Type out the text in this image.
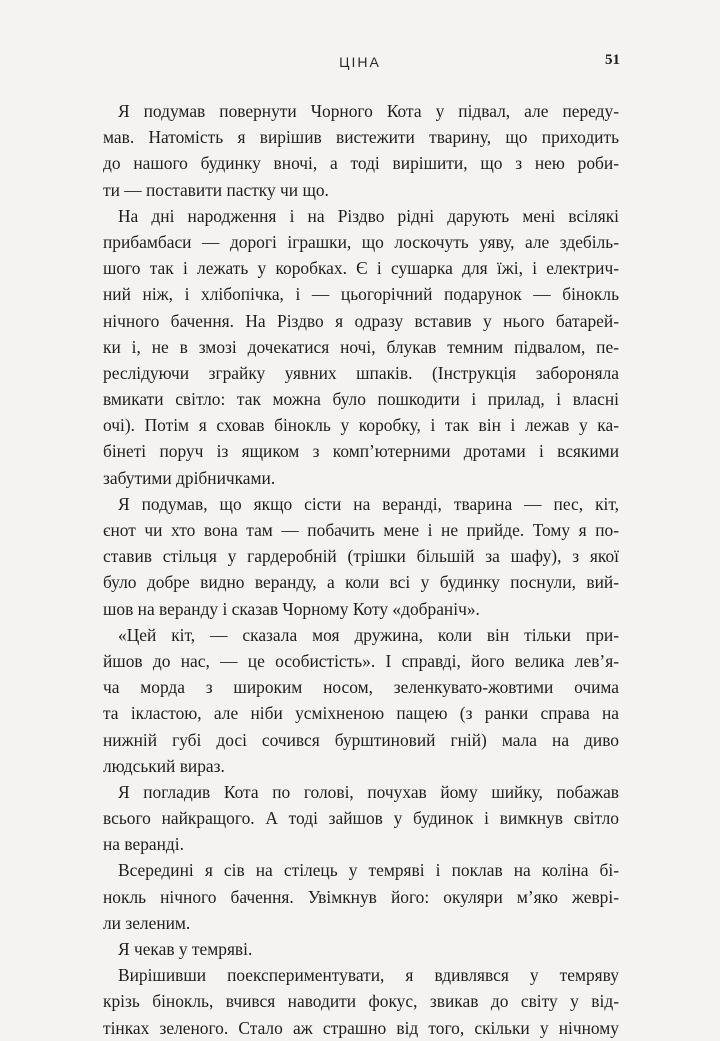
ЦІНА	51
Я подумав повернути Чорного Кота у підвал, але переду-
мав. Натомість я вирішив вистежити тварину, що приходить
до нашого будинку вночі, а тоді вирішити, що з нею роби-
ти — поставити пастку чи що.
На дні народження і на Різдво рідні дарують мені всілякі
прибамбаси — дорогі іграшки, що лоскочуть уяву, але здебіль-
шого так і лежать у коробках. Є і сушарка для їжі, і електрич-
ний ніж, і хлібопічка, і — цьогорічний подарунок — бінокль
нічного бачення. На Різдво я одразу вставив у нього батарей-
ки і, не в змозі дочекатися ночі, блукав темним підвалом, пе-
реслідуючи зграйку уявних шпаків. (Інструкція забороняла
вмикати світло: так можна було пошкодити і прилад, і власні
очі). Потім я сховав бінокль у коробку, і так він і лежав у ка-
бінеті поруч із ящиком з комп’ютерними дротами і всякими
забутими дрібничками.
Я подумав, що якщо сісти на веранді, тварина — пес, кіт,
єнот чи хто вона там — побачить мене і не прийде. Тому я по-
ставив стільця у гардеробній (трішки більшій за шафу), з якої
було добре видно веранду, а коли всі у будинку поснули, вий-
шов на веранду і сказав Чорному Коту «добраніч».
«Цей кіт, — сказала моя дружина, коли він тільки при-
йшов до нас, — це особистість». І справді, його велика лев’я-
ча морда з широким носом, зеленкувато-жовтими очима
та ікластою, але ніби усміхненою пащею (з ранки справа на
нижній губі досі сочився бурштиновий гній) мала на диво
людський вираз.
Я погладив Кота по голові, почухав йому шийку, побажав
всього найкращого. А тоді зайшов у будинок і вимкнув світло
на веранді.
Всередині я сів на стілець у темряві і поклав на коліна бі-
нокль нічного бачення. Увімкнув його: окуляри м’яко жеврі-
ли зеленим.
Я чекав у темряві.
Вирішивши поекспериментувати, я вдивлявся у темряву
крізь бінокль, вчився наводити фокус, звикав до світу у від-
тінках зеленого. Стало аж страшно від того, скільки у нічному
